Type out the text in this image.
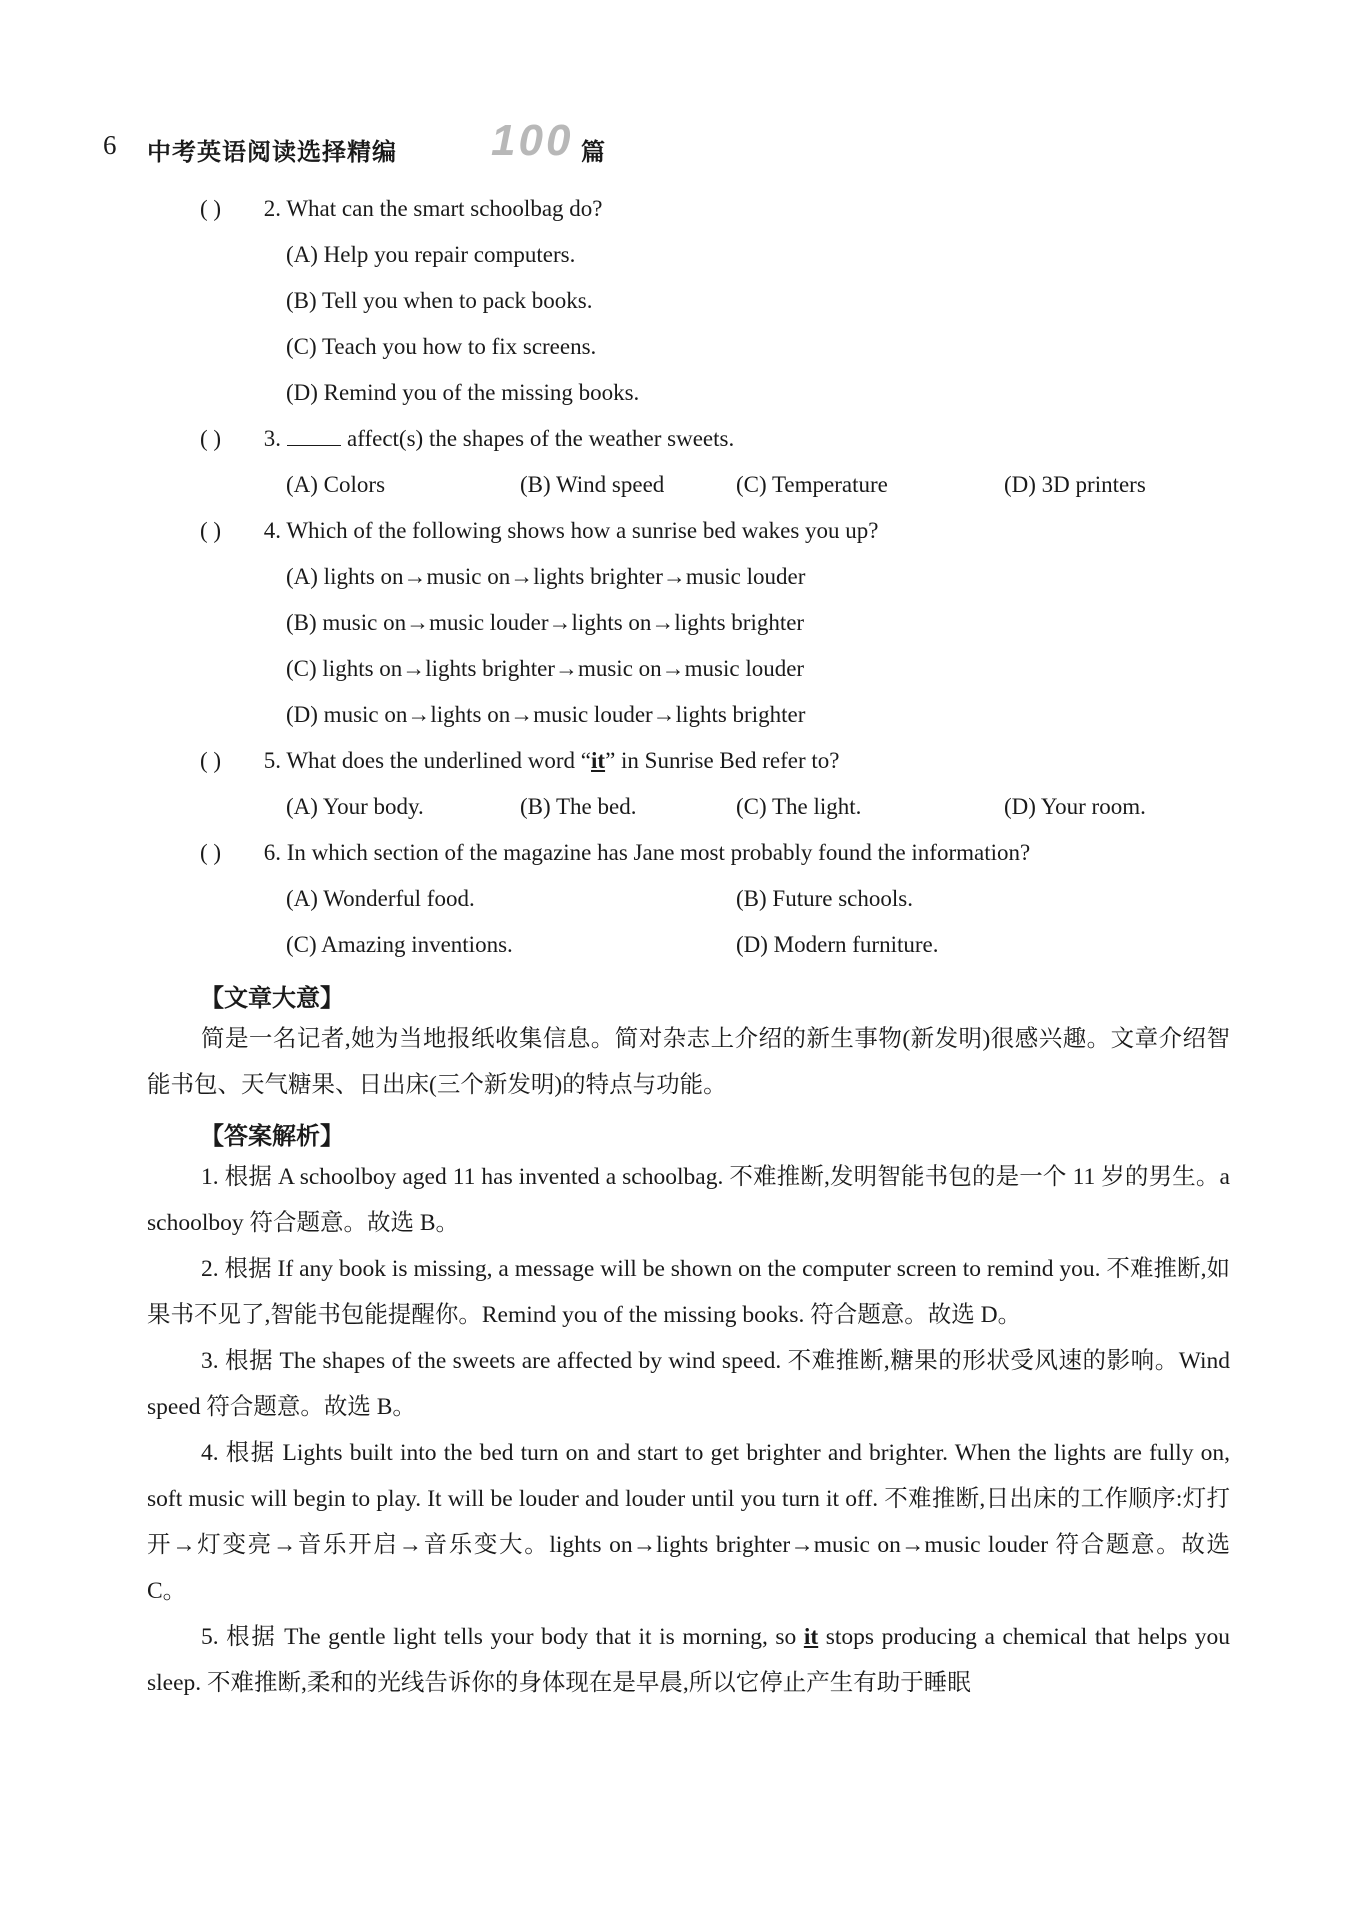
6 中考英语阅读选择精编 100 篇
( ) 2. What can the smart schoolbag do?
(A) Help you repair computers.
(B) Tell you when to pack books.
(C) Teach you how to fix screens.
(D) Remind you of the missing books.
( ) 3.	affect(s) the shapes of the weather sweets.
(A) Colors	(B) Wind speed	(C) Temperature	(D) 3D printers
( ) 4. Which of the following shows how a sunrise bed wakes you up?
(A) lights on→music on→lights brighter→music louder
(B) music on→music louder→lights on→lights brighter
(C) lights on→lights brighter→music on→music louder
(D) music on→lights on→music louder→lights brighter
( ) 5. What does the underlined word “it” in Sunrise Bed refer to?
(A) Your body.	(B) The bed.	(C) The light.	(D) Your room.
( ) 6. In which section of the magazine has Jane most probably found the information?
(A) Wonderful food.	(B) Future schools.
(C) Amazing inventions.	(D) Modern furniture.
【文章大意】

简是一名记者,她为当地报纸收集信息。简对杂志上介绍的新生事物(新发明)很感兴趣。文章介绍智能书包、天气糖果、日出床(三个新发明)的特点与功能。

【答案解析】

1. 根据 A schoolboy aged 11 has invented a schoolbag. 不难推断,发明智能书包的是一个 11 岁的男生。a schoolboy 符合题意。故选 B。

2. 根据 If any book is missing, a message will be shown on the computer screen to remind you. 不难推断,如果书不见了,智能书包能提醒你。Remind you of the missing books. 符合题意。故选 D。

3. 根据 The shapes of the sweets are affected by wind speed. 不难推断,糖果的形状受风速的影响。Wind speed 符合题意。故选 B。

4. 根据 Lights built into the bed turn on and start to get brighter and brighter. When the lights are fully on, soft music will begin to play. It will be louder and louder until you turn it off. 不难推断,日出床的工作顺序:灯打开→灯变亮→音乐开启→音乐变大。lights on→lights brighter→music on→music louder 符合题意。故选 C。

5. 根据 The gentle light tells your body that it is morning, so it stops producing a chemical that helps you sleep. 不难推断,柔和的光线告诉你的身体现在是早晨,所以它停止产生有助于睡眠
